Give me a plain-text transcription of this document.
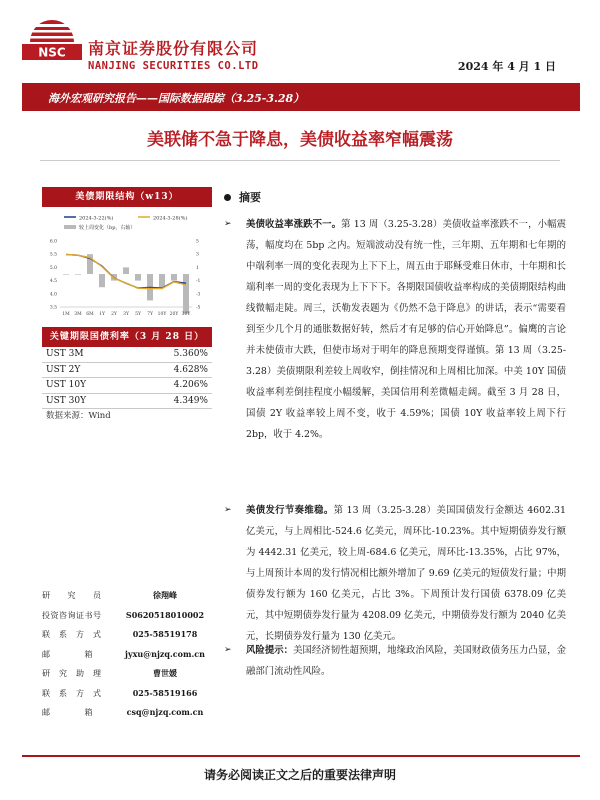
NSC 南京证券股份有限公司
NANJING SECURITIES CO.LTD	2024 年 4 月 1 日
海外宏观研究报告——国际数据跟踪（3.25-3.28）
美联储不急于降息，美债收益率窄幅震荡
美债期限结构（w13）
2024-3-22(%)	2024-3-28(%)
较上周变化（bp，右轴）
3.5
4.0
4.5
5.0
5.5
6.0
-5
-3
-1
1
3
5
1M 3M 6M 1Y 2Y 3Y 5Y 7Y 10Y 20Y 30Y
关键期限国债利率（3 月 28 日）
UST 3M	5.360%
UST 2Y	4.628%
UST 10Y	4.206%
UST 30Y	4.349%
数据来源：Wind
研　　究　　员	徐翔峰
投资咨询证书号	S0620518010002
联　系　方　式	025-58519178
邮　　　　箱	jyxu@njzq.com.cn
研　究　助　理	曹世媛
联　系　方　式	025-58519166
邮　　　　箱	csq@njzq.com.cn
摘要
➢ 美债收益率涨跌不一。第 13 周（3.25-3.28）美债收益率涨跌不一，小幅震荡，幅度均在 5bp 之内。短端波动没有统一性，三年期、五年期和七年期的中端利率一周的变化表现为上下下上，周五由于耶稣受难日休市，十年期和长端利率一周的变化表现为上下下下。各期限国债收益率构成的美债期限结构曲线微幅走陡。周三，沃勒发表题为《仍然不急于降息》的讲话，表示“需要看到至少几个月的通胀数据好转，然后才有足够的信心开始降息”。偏鹰的言论并未使债市大跌，但使市场对于明年的降息预期变得谨慎。第 13 周（3.25-3.28）美债期限利差较上周收窄，倒挂情况和上周相比加深。中美 10Y 国债收益率利差倒挂程度小幅缓解，美国信用利差微幅走阔。截至 3 月 28 日，国债 2Y 收益率较上周不变，收于 4.59%；国债 10Y 收益率较上周下行 2bp，收于 4.2%。
➢ 美债发行节奏维稳。第 13 周（3.25-3.28）美国国债发行金额达 4602.31 亿美元，与上周相比-524.6 亿美元，周环比-10.23%。其中短期债券发行额为 4442.31 亿美元，较上周-684.6 亿美元，周环比-13.35%，占比 97%，与上周预计本周的发行情况相比额外增加了 9.69 亿美元的短债发行量；中期债券发行额为 160 亿美元，占比 3%。下周预计发行国债 6378.09 亿美元，其中短期债券发行量为 4208.09 亿美元，中期债券发行额为 2040 亿美元，长期债券发行量为 130 亿美元。
➢ 风险提示：美国经济韧性超预期，地缘政治风险，美国财政债务压力凸显，金融部门流动性风险。
请务必阅读正文之后的重要法律声明
